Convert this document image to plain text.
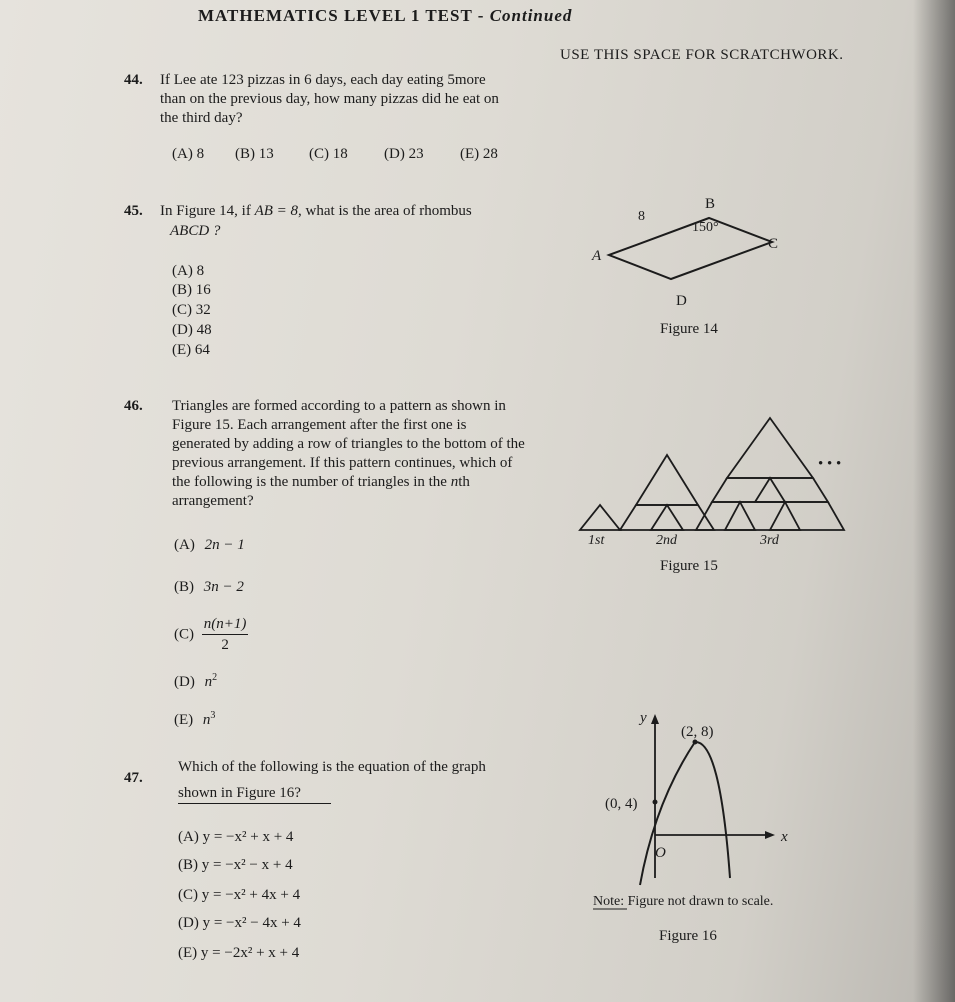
MATHEMATICS LEVEL 1 TEST - Continued
USE THIS SPACE FOR SCRATCHWORK.
44. If Lee ate 123 pizzas in 6 days, each day eating 5more
than on the previous day, how many pizzas did he eat on
the third day?
(A) 8 (B) 13 (C) 18 (D) 23 (E) 28
45. In Figure 14, if AB = 8, what is the area of rhombus
ABCD ?
(A) 8
(B) 16
(C) 32
(D) 48
(E) 64
B
A
C
D
8
150°
Figure 14
46. Triangles are formed according to a pattern as shown in
Figure 15. Each arrangement after the first one is
generated by adding a row of triangles to the bottom of the
previous arrangement. If this pattern continues, which of
the following is the number of triangles in the nth
arrangement?
(A) 2n − 1
(B) 3n − 2
$(C) \frac{n(n+1)}{2}$
(D) $n^2$
(E) $n^3$
• • •
1st	2nd	3rd
Figure 15
47.
Which of the following is the equation of the graph
shown in Figure 16?
(A) y = −x² + x + 4
(B) y = −x² − x + 4
(C) y = −x² + 4x + 4
(D) y = −x² − 4x + 4
(E) y = −2x² + x + 4
y
x
O
(2, 8)
(0, 4)
Note: Figure not drawn to scale.
Figure 16
